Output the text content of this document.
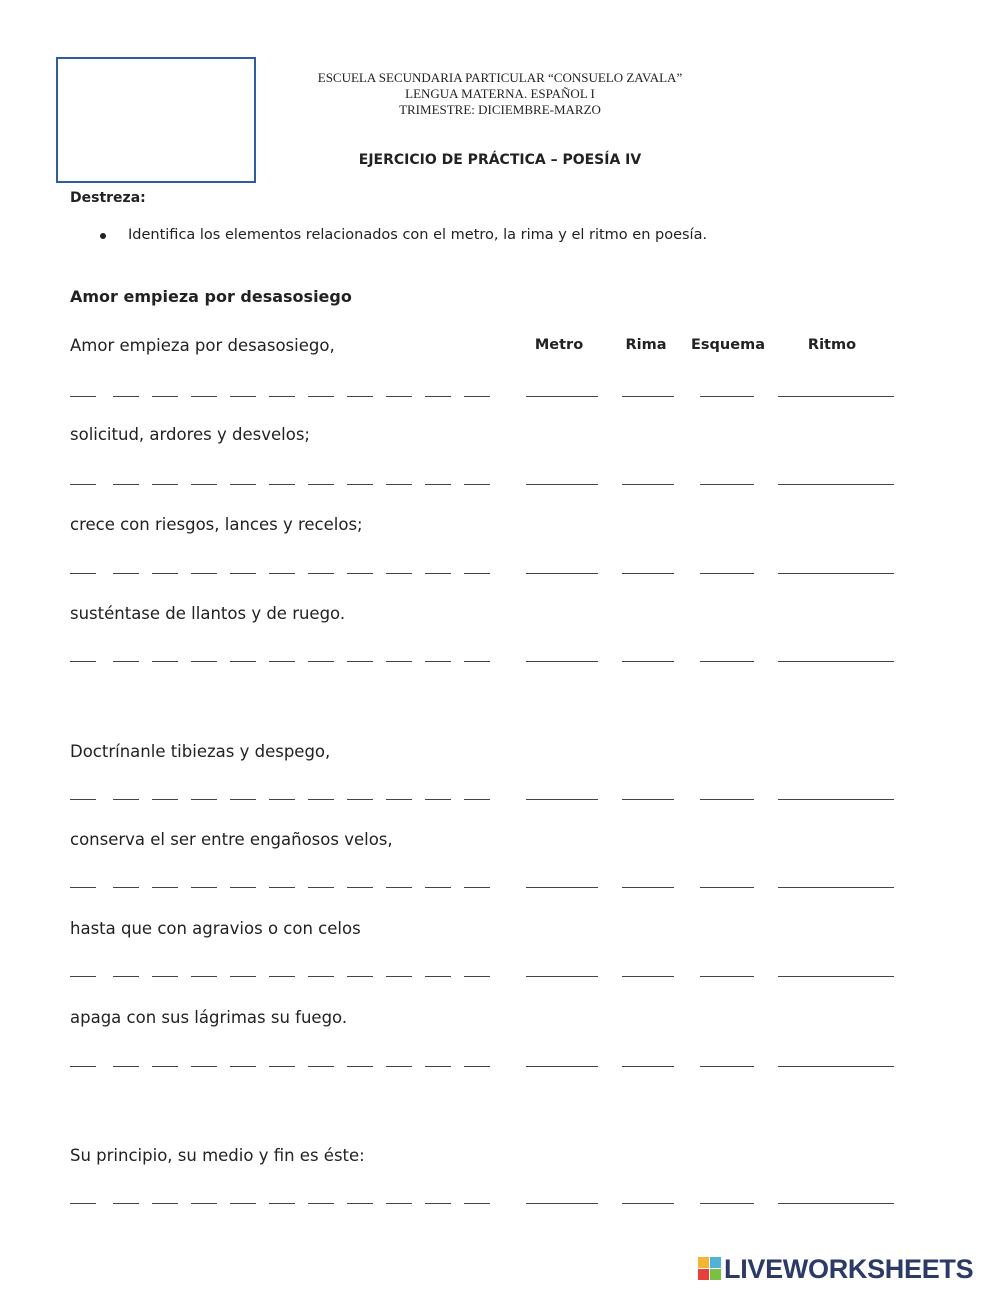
ESCUELA SECUNDARIA PARTICULAR “CONSUELO ZAVALA”
LENGUA MATERNA. ESPAÑOL I
TRIMESTRE: DICIEMBRE-MARZO
EJERCICIO DE PRÁCTICA – POESÍA IV
Destreza:
Identifica los elementos relacionados con el metro, la rima y el ritmo en poesía.
Amor empieza por desasosiego
Metro	Rima	Esquema	Ritmo
Amor empieza por desasosiego,
solicitud, ardores y desvelos;
crece con riesgos, lances y recelos;
susténtase de llantos y de ruego.
Doctrínanle tibiezas y despego,
conserva el ser entre engañosos velos,
hasta que con agravios o con celos
apaga con sus lágrimas su fuego.
Su principio, su medio y fin es éste:
LIVEWORKSHEETS
